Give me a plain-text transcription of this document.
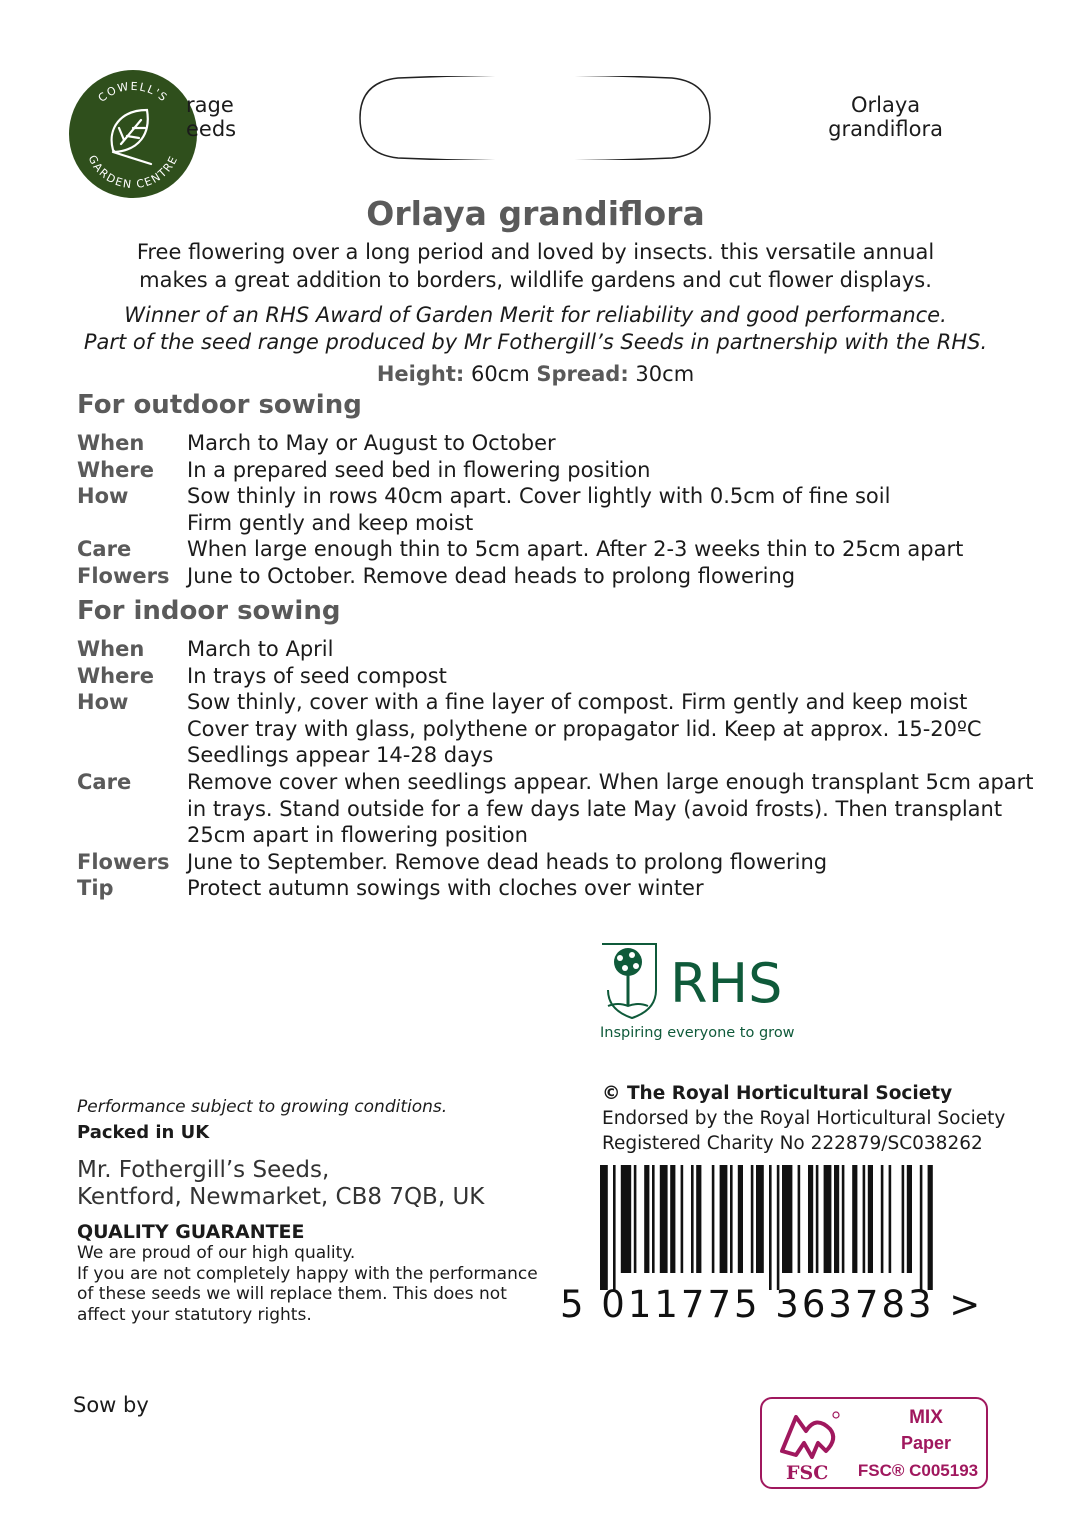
COWELL'S
GARDEN CENTRE
rage
eeds
Orlaya
grandiflora
Orlaya grandiflora
Free flowering over a long period and loved by insects. this versatile annual
makes a great addition to borders, wildlife gardens and cut flower displays.
Winner of an RHS Award of Garden Merit for reliability and good performance.
Part of the seed range produced by Mr Fothergill’s Seeds in partnership with the RHS.
Height: 60cm Spread: 30cm
For outdoor sowing
When	March to May or August to October
Where	In a prepared seed bed in flowering position
How	Sow thinly in rows 40cm apart. Cover lightly with 0.5cm of fine soil
Firm gently and keep moist
Care	When large enough thin to 5cm apart. After 2-3 weeks thin to 25cm apart
Flowers June to October. Remove dead heads to prolong flowering
For indoor sowing
When	March to April
Where	In trays of seed compost
How	Sow thinly, cover with a fine layer of compost. Firm gently and keep moist
Cover tray with glass, polythene or propagator lid. Keep at approx. 15-20ºC
Seedlings appear 14-28 days
Care	Remove cover when seedlings appear. When large enough transplant 5cm apart
in trays. Stand outside for a few days late May (avoid frosts). Then transplant
25cm apart in flowering position
Flowers June to September. Remove dead heads to prolong flowering
Tip	Protect autumn sowings with cloches over winter
RHS
Inspiring everyone to grow
Performance subject to growing conditions.
Packed in UK
Mr. Fothergill’s Seeds,
Kentford, Newmarket, CB8 7QB, UK
QUALITY GUARANTEE
We are proud of our high quality.
If you are not completely happy with the performance
of these seeds we will replace them. This does not
affect your statutory rights.
© The Royal Horticultural Society
Endorsed by the Royal Horticultural Society
Registered Charity No 222879/SC038262
5 011775 363783 >
Sow by
FSC
MIX
Paper
FSC® C005193
